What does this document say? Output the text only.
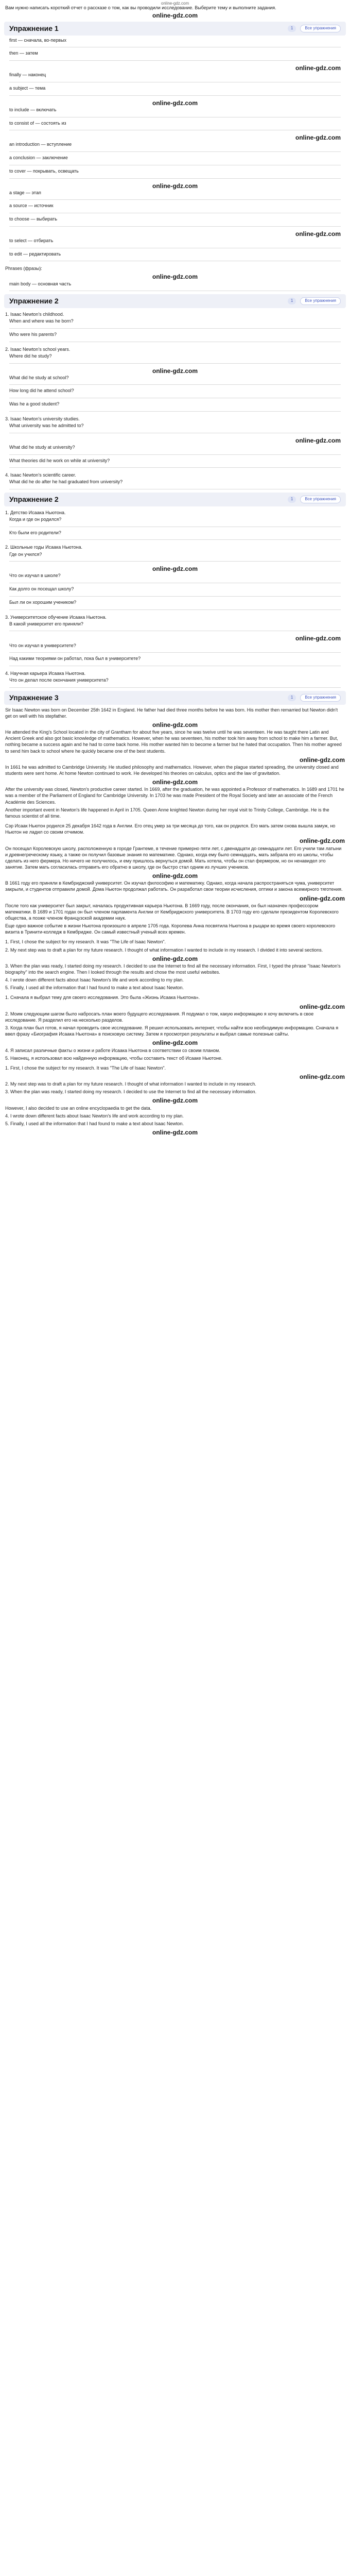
online-gdz.com
Вам нужно написать короткий отчет о рассказе о том, как вы проводили исследование. Выберите тему и выполните задания.
online-gdz.com
Упражнение 1	1	Все упражнения
first — сначала, во-первых
then — затем
online-gdz.com
finally — наконец
a subject — тема
online-gdz.com
to include — включать
to consist of — состоять из
online-gdz.com
an introduction — вступление
a conclusion — заключение
to cover — покрывать, освещать
online-gdz.com
a stage — этап
a source — источник
to choose — выбирать
online-gdz.com
to select — отбирать
to edit — редактировать
Phrases (фразы):
online-gdz.com
main body — основная часть
Упражнение 2	1	Все упражнения
1. Isaac Newton's childhood.
When and where was he born?
Who were his parents?
2. Isaac Newton's school years.
Where did he study?
online-gdz.com
What did he study at school?
How long did he attend school?
Was he a good student?
3. Isaac Newton's university studies.
What university was he admitted to?
online-gdz.com
What did he study at university?
What theories did he work on while at university?
4. Isaac Newton's scientific career.
What did he do after he had graduated from university?
Упражнение 2	1	Все упражнения
1. Детство Исаака Ньютона.
Когда и где он родился?
Кто были его родители?
2. Школьные годы Исаака Ньютона.
Где он учился?
online-gdz.com
Что он изучал в школе?
Как долго он посещал школу?
Был ли он хорошим учеником?
3. Университетское обучение Исаака Ньютона.
В какой университет его приняли?
online-gdz.com
Что он изучал в университете?
Над какими теориями он работал, пока был в университете?
4. Научная карьера Исаака Ньютона.
Что он делал после окончания университета?
Упражнение 3	1	Все упражнения

Sir Isaac Newton was born on December 25th 1642 in England. He father had died three months before he was born. His mother then remarried but Newton didn't get on well with his stepfather.

online-gdz.com

He attended the King's School located in the city of Grantham for about five years, since he was twelve until he was seventeen. He was taught there Latin and Ancient Greek and also got basic knowledge of mathematics. However, when he was seventeen, his mother took him away from school to make him a farmer. But, nothing became a success again and he had to come back home. His mother wanted him to become a farmer but he hated that occupation. Then his mother agreed to send him back to school where he quickly became one of the best students.

online-gdz.com

In 1661 he was admitted to Cambridge University. He studied philosophy and mathematics. However, when the plague started spreading, the university closed and students were sent home. At home Newton continued to work. He developed his theories on calculus, optics and the law of gravitation.

online-gdz.com

After the university was closed, Newton's productive career started. In 1669, after the graduation, he was appointed a Professor of mathematics. In 1689 and 1701 he was a member of the Parliament of England for Cambridge University. In 1703 he was made President of the Royal Society and later an associate of the French Académie des Sciences.

Another important event in Newton's life happened in April in 1705. Queen Anne knighted Newton during her royal visit to Trinity College, Cambridge. He is the famous scientist of all time.

Сэр Исаак Ньютон родился 25 декабря 1642 года в Англии. Его отец умер за три месяца до того, как он родился. Его мать затем снова вышла замуж, но Ньютон не ладил со своим отчимом.

online-gdz.com

Он посещал Королевскую школу, расположенную в городе Грантеме, в течение примерно пяти лет, с двенадцати до семнадцати лет. Его учили там латыни и древнегреческому языку, а также он получил базовые знания по математике. Однако, когда ему было семнадцать, мать забрала его из школы, чтобы сделать из него фермера. Но ничего не получилось, и ему пришлось вернуться домой. Мать хотела, чтобы он стал фермером, но он ненавидел это занятие. Затем мать согласилась отправить его обратно в школу, где он быстро стал одним из лучших учеников.

online-gdz.com

В 1661 году его приняли в Кембриджский университет. Он изучал философию и математику. Однако, когда начала распространяться чума, университет закрыли, и студентов отправили домой. Дома Ньютон продолжал работать. Он разработал свои теории исчисления, оптики и закона всемирного тяготения.

online-gdz.com

После того как университет был закрыт, началась продуктивная карьера Ньютона. В 1669 году, после окончания, он был назначен профессором математики. В 1689 и 1701 годах он был членом парламента Англии от Кембриджского университета. В 1703 году его сделали президентом Королевского общества, а позже членом Французской академии наук.

Еще одно важное событие в жизни Ньютона произошло в апреле 1705 года. Королева Анна посвятила Ньютона в рыцари во время своего королевского визита в Тринити-колледж в Кембридже. Он самый известный ученый всех времен.

1. First, I chose the subject for my research. It was "The Life of Isaac Newton".

2. My next step was to draft a plan for my future research. I thought of what information I wanted to include in my research. I divided it into several sections.

online-gdz.com

3. When the plan was ready, I started doing my research. I decided to use the Internet to find all the necessary information. First, I typed the phrase "Isaac Newton's biography" into the search engine. Then I looked through the results and chose the most useful websites.

4. I wrote down different facts about Isaac Newton's life and work according to my plan.

5. Finally, I used all the information that I had found to make a text about Isaac Newton.

1. Сначала я выбрал тему для своего исследования. Это была «Жизнь Исаака Ньютона».

online-gdz.com

2. Моим следующим шагом было набросать план моего будущего исследования. Я подумал о том, какую информацию я хочу включить в свое исследование. Я разделил его на несколько разделов.

3. Когда план был готов, я начал проводить свое исследование. Я решил использовать интернет, чтобы найти всю необходимую информацию. Сначала я ввел фразу «Биография Исаака Ньютона» в поисковую систему. Затем я просмотрел результаты и выбрал самые полезные сайты.

online-gdz.com

4. Я записал различные факты о жизни и работе Исаака Ньютона в соответствии со своим планом.

5. Наконец, я использовал всю найденную информацию, чтобы составить текст об Исааке Ньютоне.

1. First, I chose the subject for my research. It was "The Life of Isaac Newton".

online-gdz.com

2. My next step was to draft a plan for my future research. I thought of what information I wanted to include in my research.

3. When the plan was ready, I started doing my research. I decided to use the Internet to find all the necessary information.

online-gdz.com

However, I also decided to use an online encyclopaedia to get the data.

4. I wrote down different facts about Isaac Newton's life and work according to my plan.

5. Finally, I used all the information that I had found to make a text about Isaac Newton.

online-gdz.com
